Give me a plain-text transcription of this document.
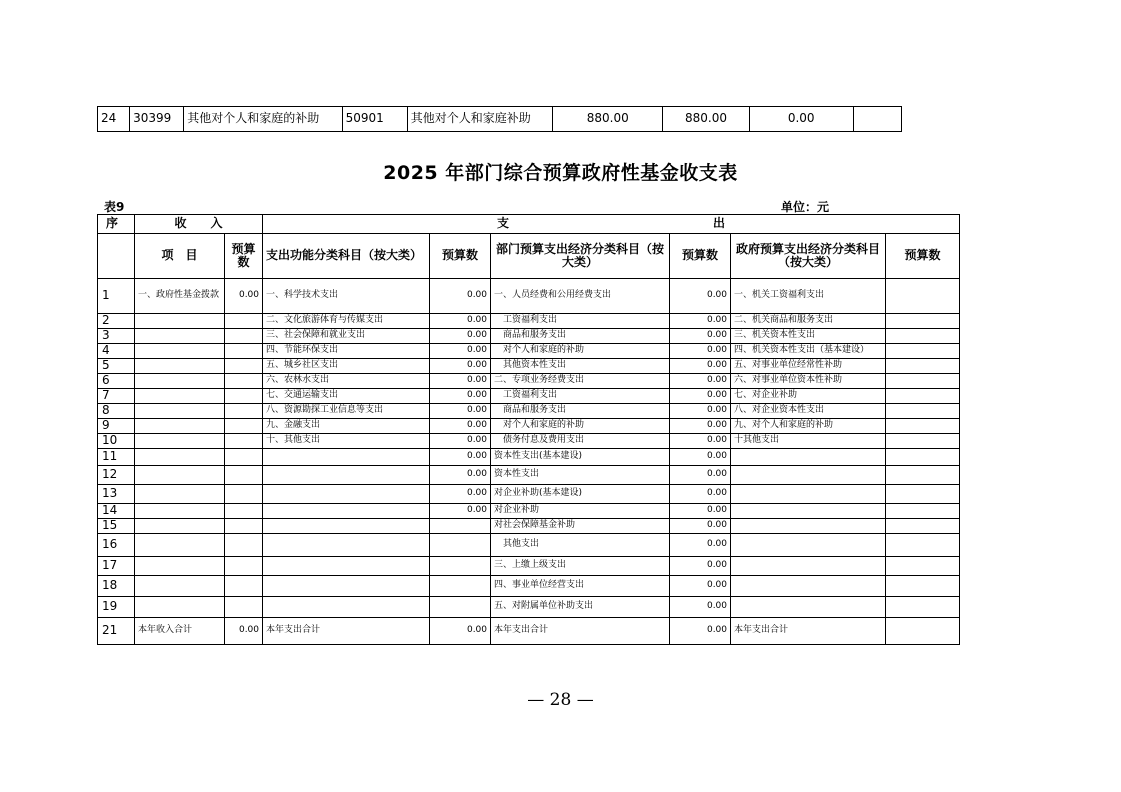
24	30399	其他对个人和家庭的补助	50901	其他对个人和家庭补助	880.00	880.00	0.00	
2025 年部门综合预算政府性基金收支表
表9	单位：元
序	收　　入		支　　　　　　　　　　　　　　　　　出					
	项　目	预算数	支出功能分类科目（按大类）	预算数	部门预算支出经济分类科目（按大类）	预算数	政府预算支出经济分类科目（按大类）	预算数
1	一、政府性基金拨款	0.00	一、科学技术支出	0.00	一、人员经费和公用经费支出	0.00	一、机关工资福利支出	
2			二、文化旅游体育与传媒支出	0.00	　工资福利支出	0.00	二、机关商品和服务支出	
3			三、社会保障和就业支出	0.00	　商品和服务支出	0.00	三、机关资本性支出	
4			四、节能环保支出	0.00	　对个人和家庭的补助	0.00	四、机关资本性支出（基本建设）	
5			五、城乡社区支出	0.00	　其他资本性支出	0.00	五、对事业单位经常性补助	
6			六、农林水支出	0.00	二、专项业务经费支出	0.00	六、对事业单位资本性补助	
7			七、交通运输支出	0.00	　工资福利支出	0.00	七、对企业补助	
8			八、资源勘探工业信息等支出	0.00	　商品和服务支出	0.00	八、对企业资本性支出	
9			九、金融支出	0.00	　对个人和家庭的补助	0.00	九、对个人和家庭的补助	
10			十、其他支出	0.00	　债务付息及费用支出	0.00	十其他支出	
11				0.00	资本性支出(基本建设)	0.00		
12				0.00	资本性支出	0.00		
13				0.00	对企业补助(基本建设)	0.00		
14				0.00	对企业补助	0.00		
15					对社会保障基金补助	0.00		
16					　其他支出	0.00		
17					三、上缴上级支出	0.00		
18					四、事业单位经营支出	0.00		
19					五、对附属单位补助支出	0.00		
21	本年收入合计	0.00	本年支出合计	0.00	本年支出合计	0.00	本年支出合计	
— 28 —
